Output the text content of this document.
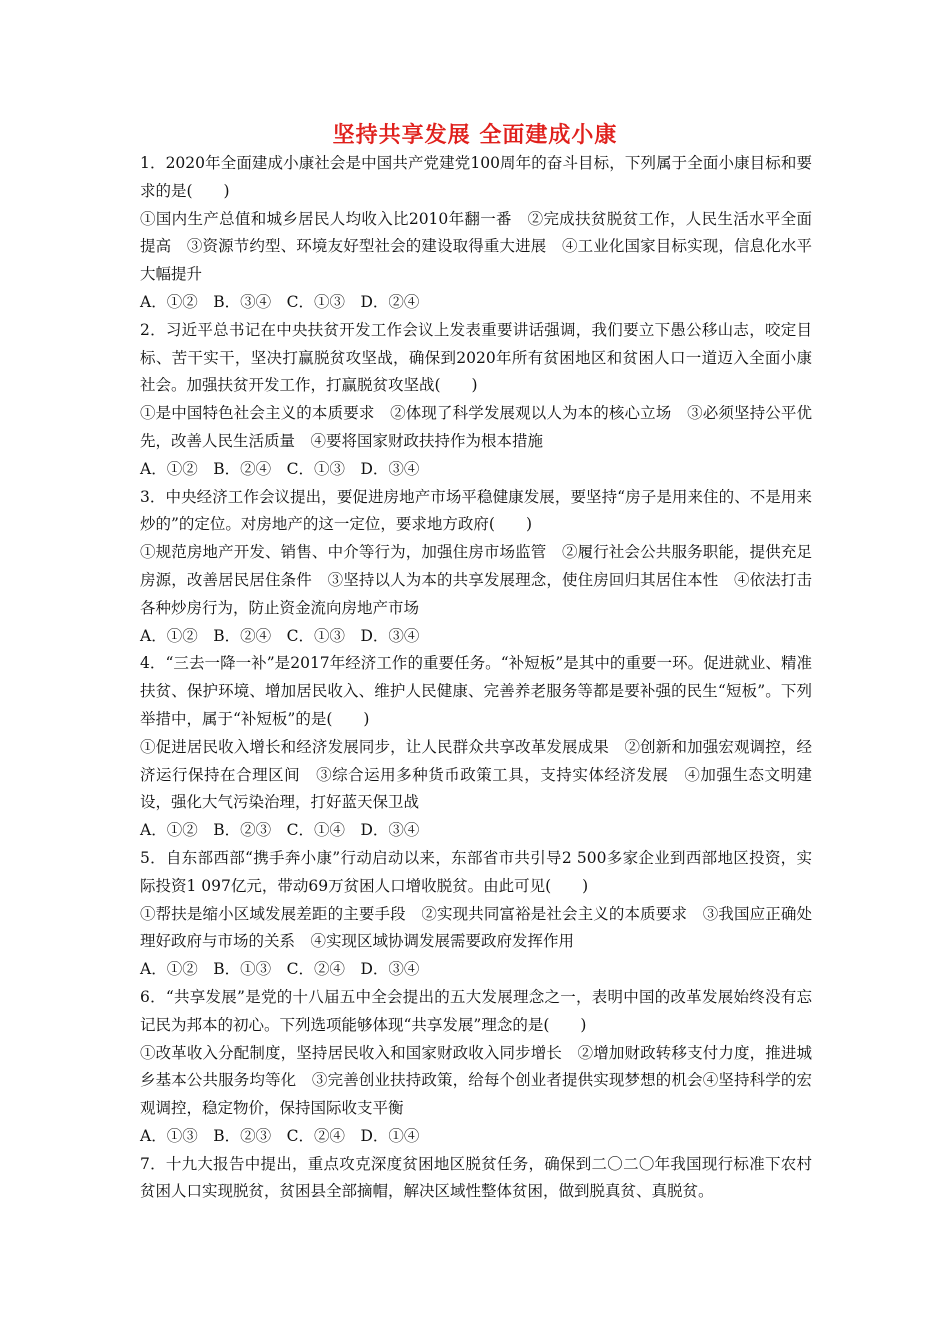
坚持共享发展 全面建成小康

1．2020年全面建成小康社会是中国共产党建党100周年的奋斗目标，下列属于全面小康目标和要求的是(　　)

①国内生产总值和城乡居民人均收入比2010年翻一番　②完成扶贫脱贫工作，人民生活水平全面提高　③资源节约型、环境友好型社会的建设取得重大进展　④工业化国家目标实现，信息化水平大幅提升

A．①②　B．③④　C．①③　D．②④

2．习近平总书记在中央扶贫开发工作会议上发表重要讲话强调，我们要立下愚公移山志，咬定目标、苦干实干，坚决打赢脱贫攻坚战，确保到2020年所有贫困地区和贫困人口一道迈入全面小康社会。加强扶贫开发工作，打赢脱贫攻坚战(　　)

①是中国特色社会主义的本质要求　②体现了科学发展观以人为本的核心立场　③必须坚持公平优先，改善人民生活质量　④要将国家财政扶持作为根本措施

A．①②　B．②④　C．①③　D．③④

3．中央经济工作会议提出，要促进房地产市场平稳健康发展，要坚持“房子是用来住的、不是用来炒的”的定位。对房地产的这一定位，要求地方政府(　　)

①规范房地产开发、销售、中介等行为，加强住房市场监管　②履行社会公共服务职能，提供充足房源，改善居民居住条件　③坚持以人为本的共享发展理念，使住房回归其居住本性　④依法打击各种炒房行为，防止资金流向房地产市场

A．①②　B．②④　C．①③　D．③④

4．“三去一降一补”是2017年经济工作的重要任务。“补短板”是其中的重要一环。促进就业、精准扶贫、保护环境、增加居民收入、维护人民健康、完善养老服务等都是要补强的民生“短板”。下列举措中，属于“补短板”的是(　　)

①促进居民收入增长和经济发展同步，让人民群众共享改革发展成果　②创新和加强宏观调控，经济运行保持在合理区间　③综合运用多种货币政策工具，支持实体经济发展　④加强生态文明建设，强化大气污染治理，打好蓝天保卫战

A．①②　B．②③　C．①④　D．③④

5．自东部西部“携手奔小康”行动启动以来，东部省市共引导2 500多家企业到西部地区投资，实际投资1 097亿元，带动69万贫困人口增收脱贫。由此可见(　　)

①帮扶是缩小区域发展差距的主要手段　②实现共同富裕是社会主义的本质要求　③我国应正确处理好政府与市场的关系　④实现区域协调发展需要政府发挥作用

A．①②　B．①③　C．②④　D．③④

6．“共享发展”是党的十八届五中全会提出的五大发展理念之一，表明中国的改革发展始终没有忘记民为邦本的初心。下列选项能够体现“共享发展”理念的是(　　)

①改革收入分配制度，坚持居民收入和国家财政收入同步增长　②增加财政转移支付力度，推进城乡基本公共服务均等化　③完善创业扶持政策，给每个创业者提供实现梦想的机会④坚持科学的宏观调控，稳定物价，保持国际收支平衡

A．①③　B．②③　C．②④　D．①④

7．十九大报告中提出，重点攻克深度贫困地区脱贫任务，确保到二〇二〇年我国现行标准下农村贫困人口实现脱贫，贫困县全部摘帽，解决区域性整体贫困，做到脱真贫、真脱贫。
